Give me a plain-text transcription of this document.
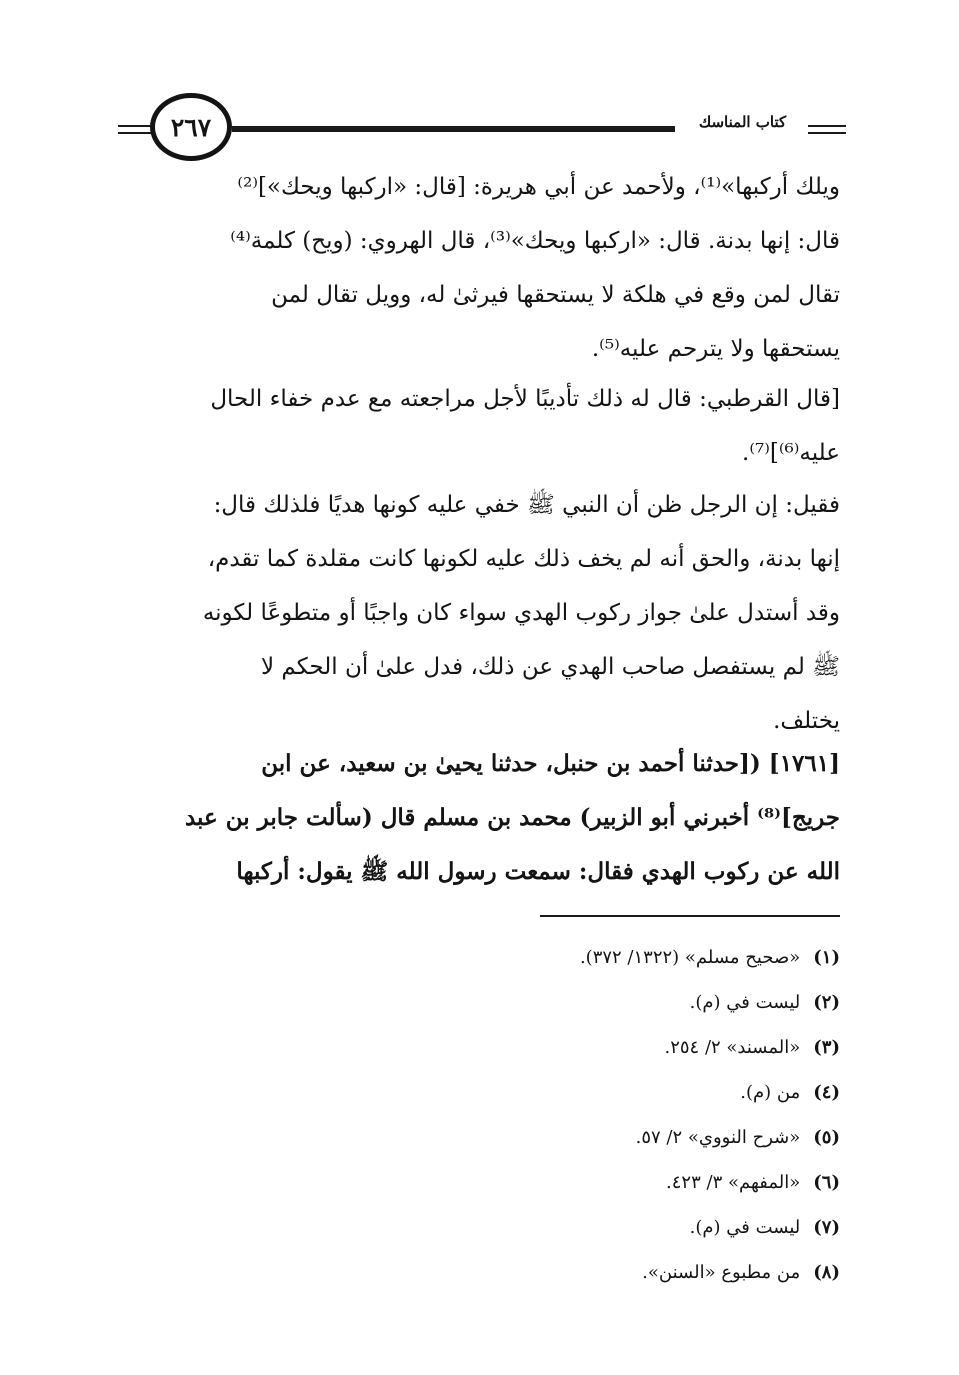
٢٦٧	كتاب المناسك
ويلك أركبها»⁽¹⁾، ولأحمد عن أبي هريرة: [قال: «اركبها ويحك»]⁽²⁾
قال: إنها بدنة. قال: «اركبها ويحك»⁽³⁾، قال الهروي: (ويح) كلمة⁽⁴⁾
تقال لمن وقع في هلكة لا يستحقها فيرثىٰ له، وويل تقال لمن
يستحقها ولا يترحم عليه⁽⁵⁾.
[قال القرطبي: قال له ذلك تأديبًا لأجل مراجعته مع عدم خفاء الحال
عليه⁽⁶⁾]⁽⁷⁾.
فقيل: إن الرجل ظن أن النبي ﷺ خفي عليه كونها هديًا فلذلك قال:
إنها بدنة، والحق أنه لم يخف ذلك عليه لكونها كانت مقلدة كما تقدم،
وقد أستدل علىٰ جواز ركوب الهدي سواء كان واجبًا أو متطوعًا لكونه
ﷺ لم يستفصل صاحب الهدي عن ذلك، فدل علىٰ أن الحكم لا
يختلف.
[١٧٦١] ([حدثنا أحمد بن حنبل، حدثنا يحيىٰ بن سعيد، عن ابن
جريج]⁽⁸⁾ أخبرني أبو الزبير) محمد بن مسلم قال (سألت جابر بن عبد
الله عن ركوب الهدي فقال: سمعت رسول الله ﷺ يقول: أركبها
(١) «صحيح مسلم» (١٣٢٢/ ٣٧٢).
(٢) ليست في (م).
(٣) «المسند» ٢/ ٢٥٤.
(٤) من (م).
(٥) «شرح النووي» ٢/ ٥٧.
(٦) «المفهم» ٣/ ٤٢٣.
(٧) ليست في (م).
(٨) من مطبوع «السنن».
